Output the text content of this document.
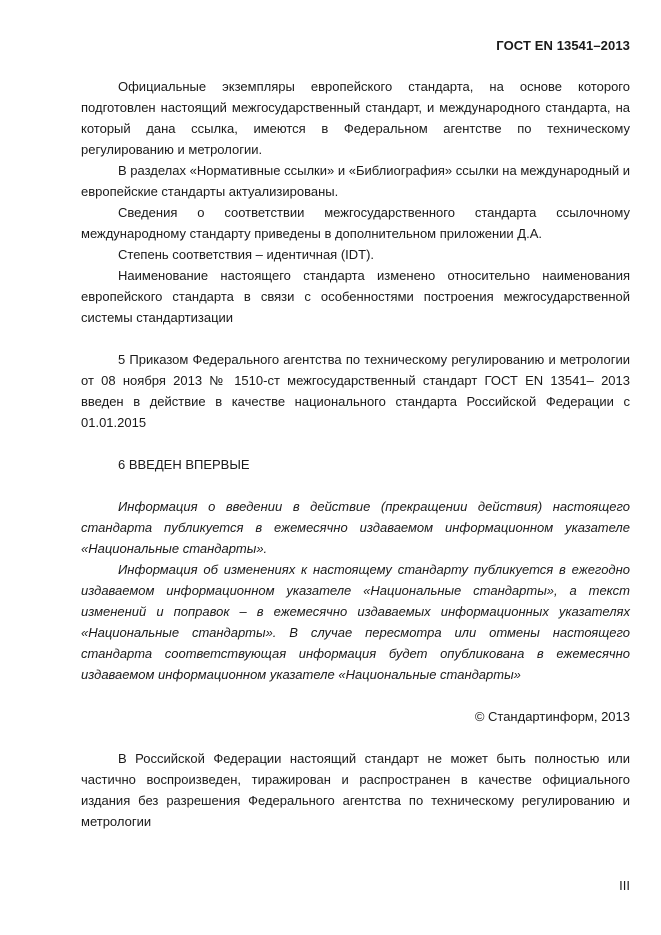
ГОСТ EN 13541–2013

Официальные экземпляры европейского стандарта, на основе которого подготовлен настоящий межгосударственный стандарт, и международного стандарта, на который дана ссылка, имеются в Федеральном агентстве по техническому регулированию и метрологии.

В разделах «Нормативные ссылки» и «Библиография» ссылки на международный и европейские стандарты актуализированы.

Сведения о соответствии межгосударственного стандарта ссылочному международному стандарту приведены в дополнительном приложении Д.А.

Степень соответствия – идентичная (IDT).

Наименование настоящего стандарта изменено относительно наименования европейского стандарта в связи с особенностями построения межгосударственной системы стандартизации

5 Приказом Федерального агентства по техническому регулированию и метрологии от 08 ноября 2013 № 1510-ст межгосударственный стандарт ГОСТ EN 13541– 2013 введен в действие в качестве национального стандарта Российской Федерации с 01.01.2015

6 ВВЕДЕН ВПЕРВЫЕ

Информация о введении в действие (прекращении действия) настоящего стандарта публикуется в ежемесячно издаваемом информационном указателе «Национальные стандарты».

Информация об изменениях к настоящему стандарту публикуется в ежегодно издаваемом информационном указателе «Национальные стандарты», а текст изменений и поправок – в ежемесячно издаваемых информационных указателях «Национальные стандарты». В случае пересмотра или отмены настоящего стандарта соответствующая информация будет опубликована в ежемесячно издаваемом информационном указателе «Национальные стандарты»

© Стандартинформ, 2013

В Российской Федерации настоящий стандарт не может быть полностью или частично воспроизведен, тиражирован и распространен в качестве официального издания без разрешения Федерального агентства по техническому регулированию и метрологии

III
